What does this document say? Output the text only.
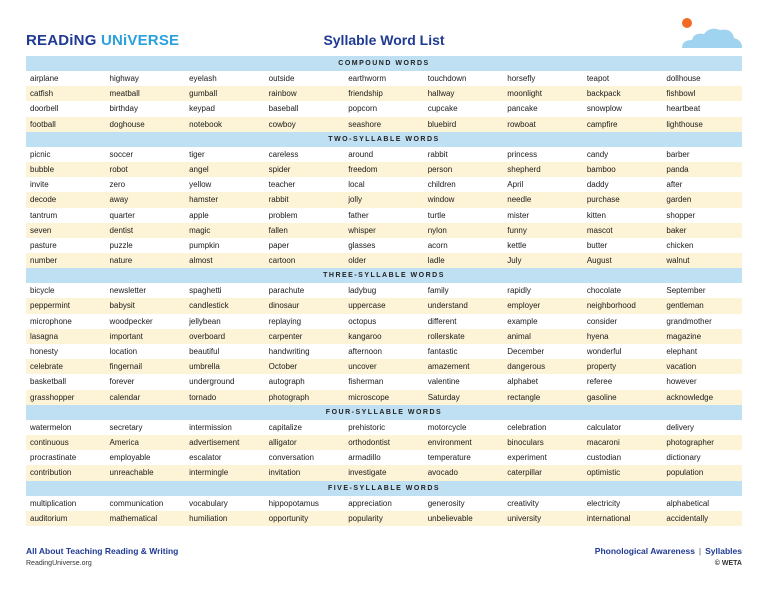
READiNG UNiVERSE	Syllable Word List
COMPOUND WORDS
airplane	highway	eyelash	outside	earthworm	touchdown	horsefly	teapot	dollhouse
catfish	meatball	gumball	rainbow	friendship	hallway	moonlight	backpack	fishbowl
doorbell	birthday	keypad	baseball	popcorn	cupcake	pancake	snowplow	heartbeat
football	doghouse	notebook	cowboy	seashore	bluebird	rowboat	campfire	lighthouse
TWO-SYLLABLE WORDS
picnic	soccer	tiger	careless	around	rabbit	princess	candy	barber
bubble	robot	angel	spider	freedom	person	shepherd	bamboo	panda
invite	zero	yellow	teacher	local	children	April	daddy	after
decode	away	hamster	rabbit	jolly	window	needle	purchase	garden
tantrum	quarter	apple	problem	father	turtle	mister	kitten	shopper
seven	dentist	magic	fallen	whisper	nylon	funny	mascot	baker
pasture	puzzle	pumpkin	paper	glasses	acorn	kettle	butter	chicken
number	nature	almost	cartoon	older	ladle	July	August	walnut
THREE-SYLLABLE WORDS
bicycle	newsletter	spaghetti	parachute	ladybug	family	rapidly	chocolate	September
peppermint	babysit	candlestick	dinosaur	uppercase	understand	employer	neighborhood	gentleman
microphone	woodpecker	jellybean	replaying	octopus	different	example	consider	grandmother
lasagna	important	overboard	carpenter	kangaroo	rollerskate	animal	hyena	magazine
honesty	location	beautiful	handwriting	afternoon	fantastic	December	wonderful	elephant
celebrate	fingernail	umbrella	October	uncover	amazement	dangerous	property	vacation
basketball	forever	underground	autograph	fisherman	valentine	alphabet	referee	however
grasshopper	calendar	tornado	photograph	microscope	Saturday	rectangle	gasoline	acknowledge
FOUR-SYLLABLE WORDS
watermelon	secretary	intermission	capitalize	prehistoric	motorcycle	celebration	calculator	delivery
continuous	America	advertisement	alligator	orthodontist	environment	binoculars	macaroni	photographer
procrastinate	employable	escalator	conversation	armadillo	temperature	experiment	custodian	dictionary
contribution	unreachable	intermingle	invitation	investigate	avocado	caterpillar	optimistic	population
FIVE-SYLLABLE WORDS
multiplication	communication	vocabulary	hippopotamus	appreciation	generosity	creativity	electricity	alphabetical
auditorium	mathematical	humiliation	opportunity	popularity	unbelievable	university	international	accidentally
All About Teaching Reading & Writing
ReadingUniverse.org
Phonological Awareness | Syllables
© WETA
